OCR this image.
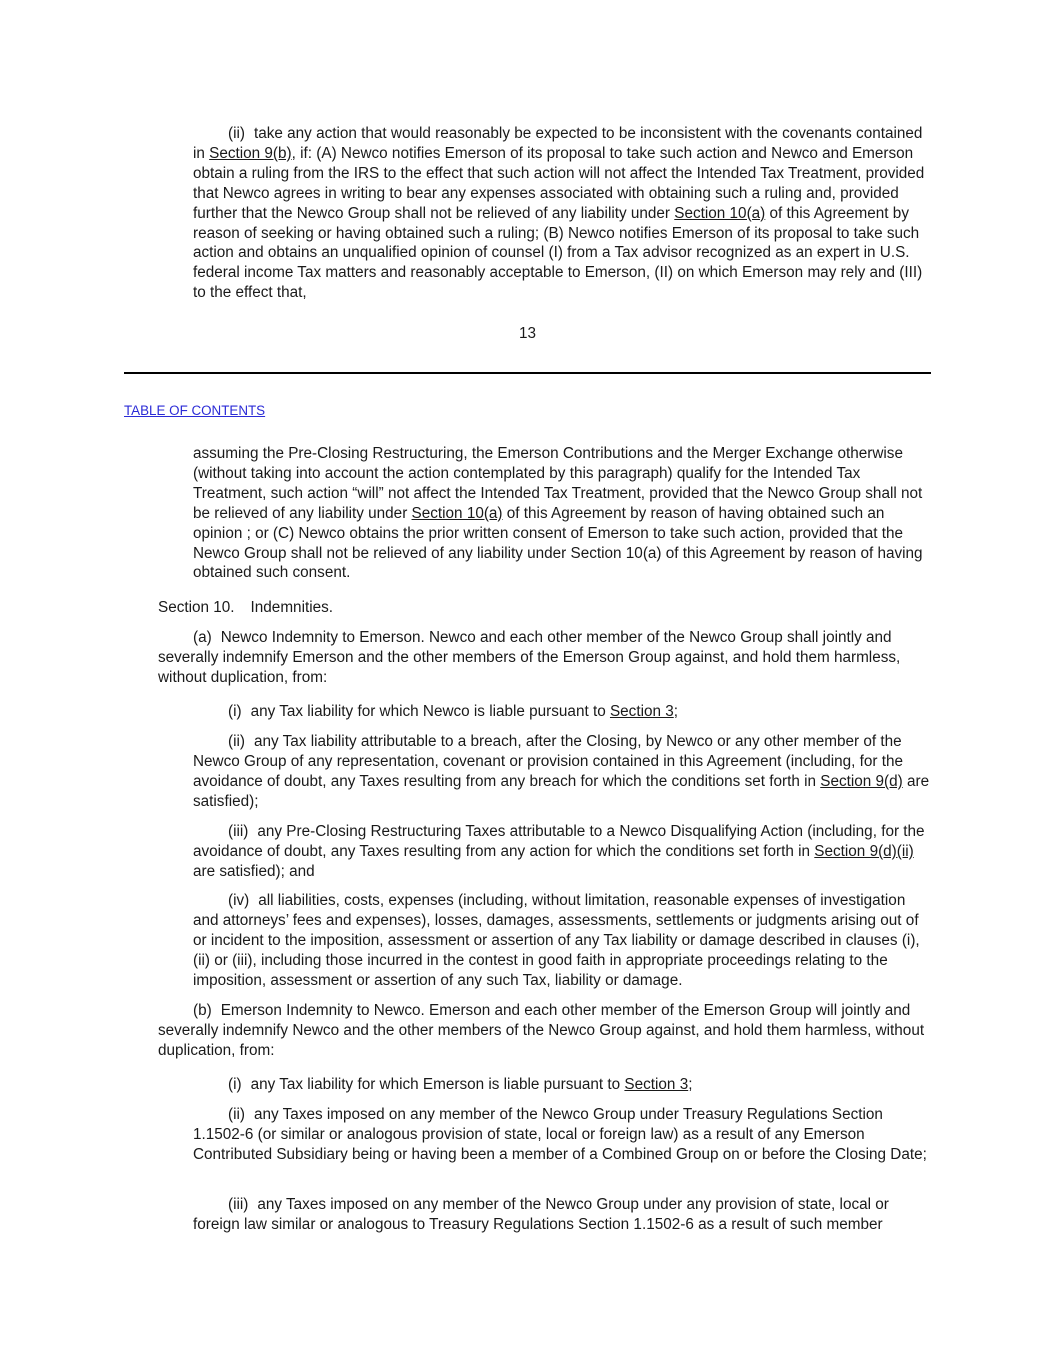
(ii) take any action that would reasonably be expected to be inconsistent with the covenants contained in Section 9(b), if: (A) Newco notifies Emerson of its proposal to take such action and Newco and Emerson obtain a ruling from the IRS to the effect that such action will not affect the Intended Tax Treatment, provided that Newco agrees in writing to bear any expenses associated with obtaining such a ruling and, provided further that the Newco Group shall not be relieved of any liability under Section 10(a) of this Agreement by reason of seeking or having obtained such a ruling; (B) Newco notifies Emerson of its proposal to take such action and obtains an unqualified opinion of counsel (I) from a Tax advisor recognized as an expert in U.S. federal income Tax matters and reasonably acceptable to Emerson, (II) on which Emerson may rely and (III) to the effect that,

13
TABLE OF CONTENTS

assuming the Pre-Closing Restructuring, the Emerson Contributions and the Merger Exchange otherwise (without taking into account the action contemplated by this paragraph) qualify for the Intended Tax Treatment, such action “will” not affect the Intended Tax Treatment, provided that the Newco Group shall not be relieved of any liability under Section 10(a) of this Agreement by reason of having obtained such an opinion ; or (C) Newco obtains the prior written consent of Emerson to take such action, provided that the Newco Group shall not be relieved of any liability under Section 10(a) of this Agreement by reason of having obtained such consent.

Section 10. Indemnities.

(a) Newco Indemnity to Emerson. Newco and each other member of the Newco Group shall jointly and severally indemnify Emerson and the other members of the Emerson Group against, and hold them harmless, without duplication, from:

(i) any Tax liability for which Newco is liable pursuant to Section 3;

(ii) any Tax liability attributable to a breach, after the Closing, by Newco or any other member of the Newco Group of any representation, covenant or provision contained in this Agreement (including, for the avoidance of doubt, any Taxes resulting from any breach for which the conditions set forth in Section 9(d) are satisfied);

(iii) any Pre-Closing Restructuring Taxes attributable to a Newco Disqualifying Action (including, for the avoidance of doubt, any Taxes resulting from any action for which the conditions set forth in Section 9(d)(ii) are satisfied); and

(iv) all liabilities, costs, expenses (including, without limitation, reasonable expenses of investigation and attorneys’ fees and expenses), losses, damages, assessments, settlements or judgments arising out of or incident to the imposition, assessment or assertion of any Tax liability or damage described in clauses (i), (ii) or (iii), including those incurred in the contest in good faith in appropriate proceedings relating to the imposition, assessment or assertion of any such Tax, liability or damage.

(b) Emerson Indemnity to Newco. Emerson and each other member of the Emerson Group will jointly and severally indemnify Newco and the other members of the Newco Group against, and hold them harmless, without duplication, from:

(i) any Tax liability for which Emerson is liable pursuant to Section 3;

(ii) any Taxes imposed on any member of the Newco Group under Treasury Regulations Section 1.1502-6 (or similar or analogous provision of state, local or foreign law) as a result of any Emerson Contributed Subsidiary being or having been a member of a Combined Group on or before the Closing Date;

(iii) any Taxes imposed on any member of the Newco Group under any provision of state, local or foreign law similar or analogous to Treasury Regulations Section 1.1502-6 as a result of such member
